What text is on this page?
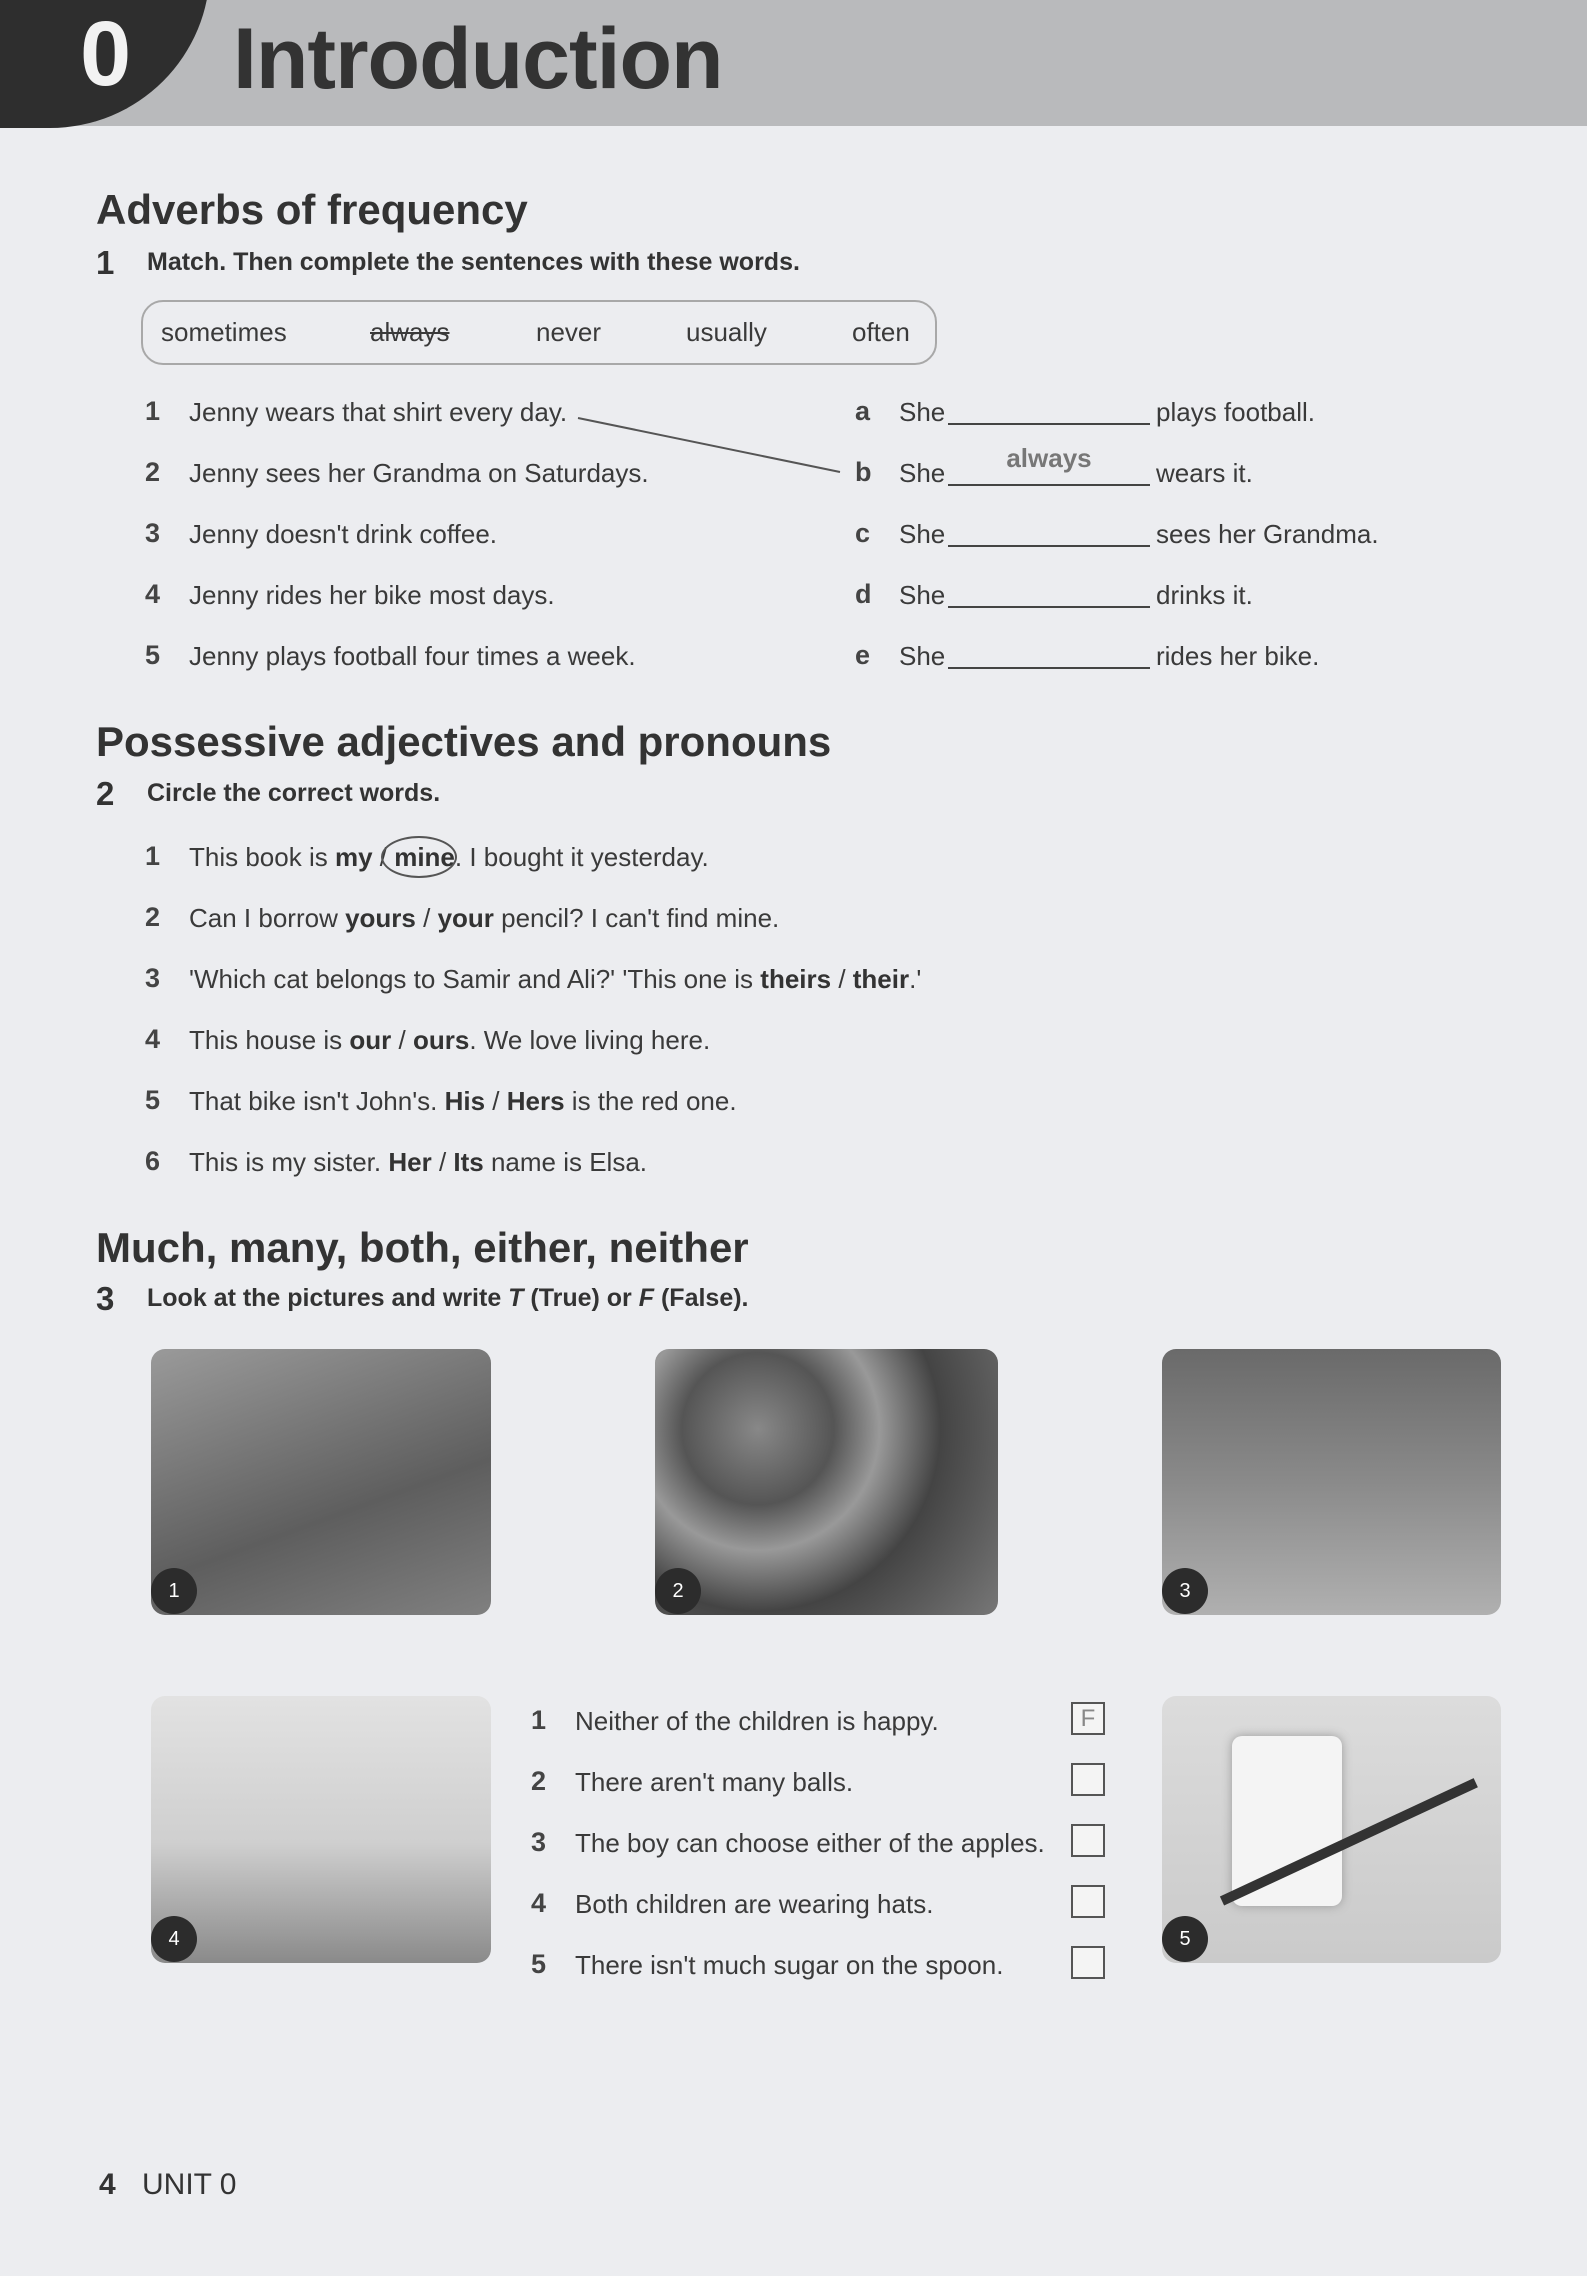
0 Introduction
Adverbs of frequency
1 Match. Then complete the sentences with these words.
sometimes	always	never	usually	often
1 Jenny wears that shirt every day.
2 Jenny sees her Grandma on Saturdays.
3 Jenny doesn't drink coffee.
4 Jenny rides her bike most days.
5 Jenny plays football four times a week.
a She	plays football.
b She	always	wears it.
c She	sees her Grandma.
d She	drinks it.
e She	rides her bike.
Possessive adjectives and pronouns
2 Circle the correct words.
1 This book is my / mine. I bought it yesterday.
2 Can I borrow yours / your pencil? I can't find mine.
3 'Which cat belongs to Samir and Ali?' 'This one is theirs / their.'
4 This house is our / ours. We love living here.
5 That bike isn't John's. His / Hers is the red one.
6 This is my sister. Her / Its name is Elsa.
Much, many, both, either, neither
3 Look at the pictures and write T (True) or F (False).
1	2	3
4	5
1 Neither of the children is happy.	F
2 There aren't many balls.
3 The boy can choose either of the apples.
4 Both children are wearing hats.
5 There isn't much sugar on the spoon.
4 UNIT 0
